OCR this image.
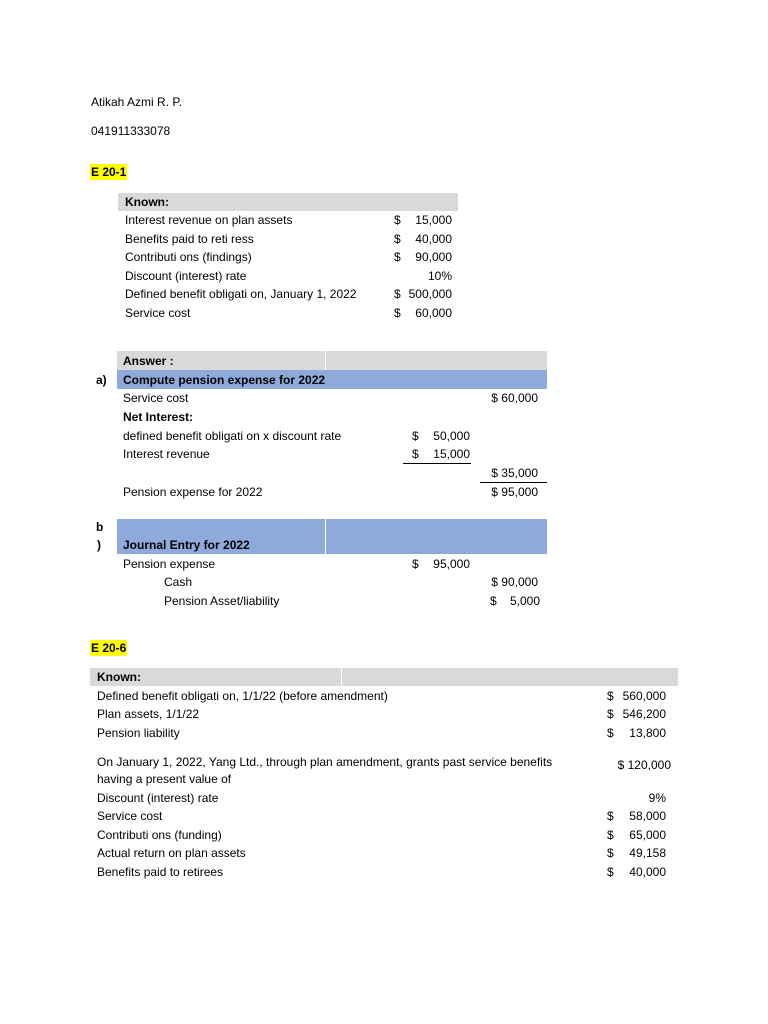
Atikah Azmi R. P.
041911333078
E 20-1
Known:
Interest revenue on plan assets	$	15,000
Benefits paid to reti ress	$	40,000
Contributi ons (findings)	$	90,000
Discount (interest) rate	10%
Defined benefit obligati on, January 1, 2022	$ 500,000
Service cost	$	60,000
Answer :
a) Compute pension expense for 2022
Service cost	$ 60,000
Net Interest:
defined benefit obligati on x discount rate	$	50,000
Interest revenue	$	15,000
$ 35,000
Pension expense for 2022	$ 95,000
b
) Journal Entry for 2022
Pension expense	$	95,000
Cash	$ 90,000
Pension Asset/liability	$	5,000
E 20-6
Known:
Defined benefit obligati on, 1/1/22 (before amendment)	$ 560,000
Plan assets, 1/1/22	$ 546,200
Pension liability	$	13,800
On January 1, 2022, Yang Ltd., through plan amendment, grants past service benefits
having a present value of
$ 120,000
Discount (interest) rate	9%
Service cost	$	58,000
Contributi ons (funding)	$	65,000
Actual return on plan assets	$	49,158
Benefits paid to retirees	$	40,000
